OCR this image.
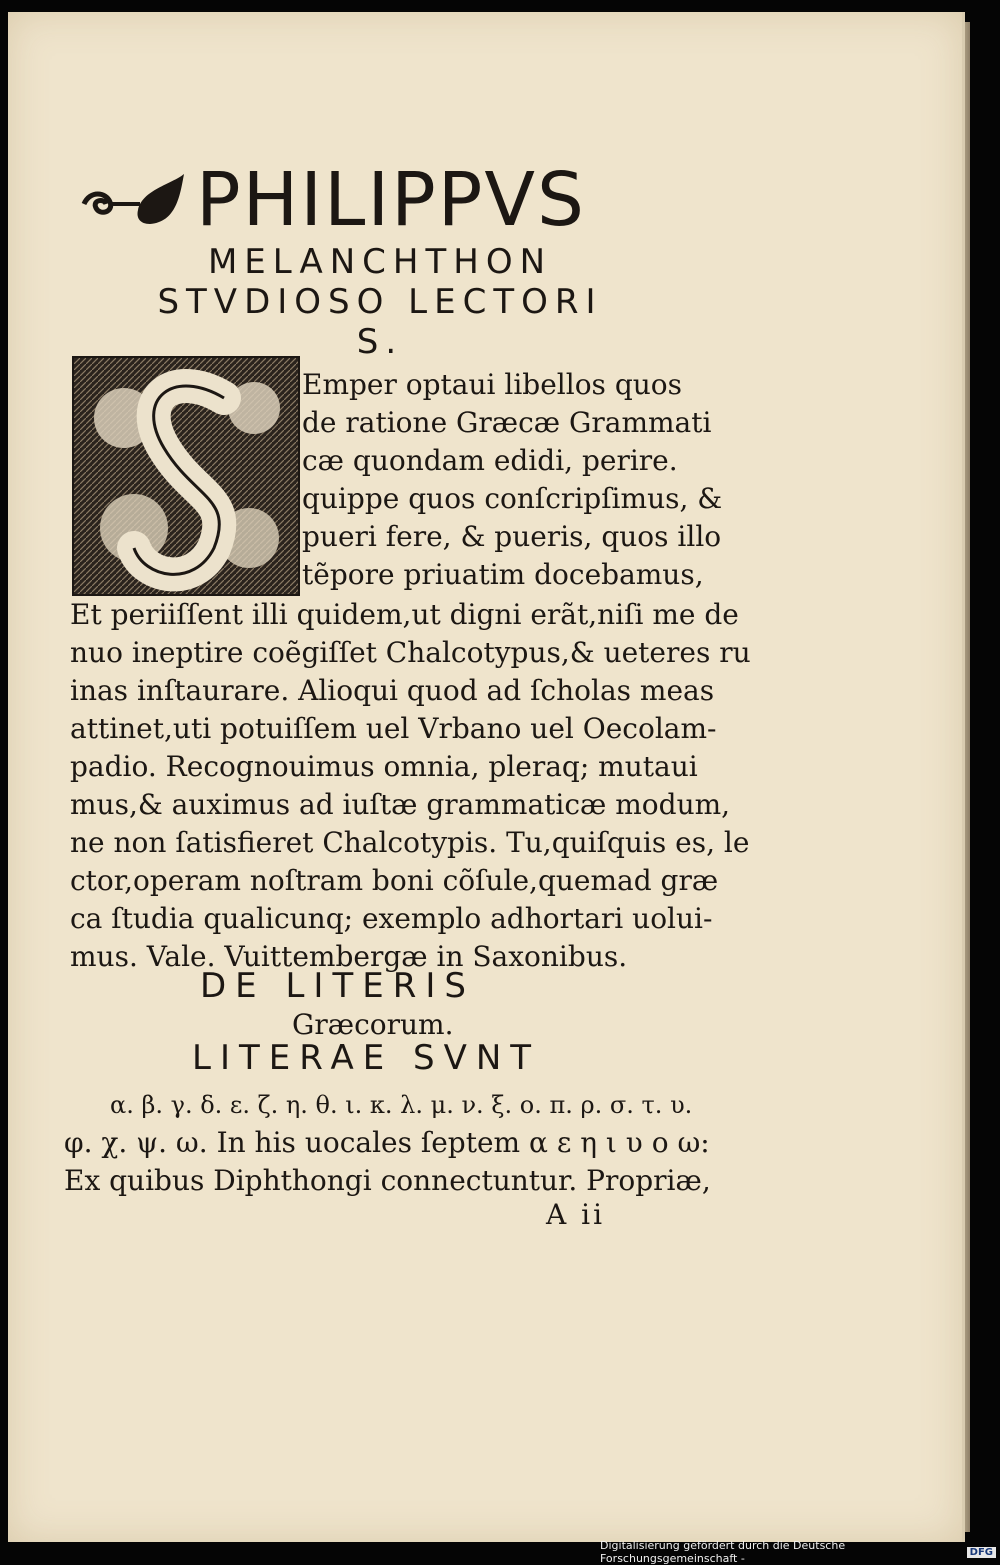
PHILIPPVS
MELANCHTHON
STVDIOSO LECTORI
S.
Emper optaui libellos quos
de ratione Græcæ Grammati
cæ quondam edidi, perire.
quippe quos conſcripſimus, &
pueri fere, & pueris, quos illo
tẽpore priuatim docebamus,
Et periiſſent illi quidem,ut digni erãt,niſi me de
nuo ineptire coẽgiſſet Chalcotypus,& ueteres ru
inas inſtaurare. Alioqui quod ad ſcholas meas
attinet,uti potuiſſem uel Vrbano uel Oecolam-
padio. Recognouimus omnia, pleraq; mutaui
mus,& auximus ad iuſtæ grammaticæ modum,
ne non ſatisfieret Chalcotypis. Tu,quiſquis es, le
ctor,operam noſtram boni cõſule,quemad græ
ca ſtudia qualicunq; exemplo adhortari uolui-
mus. Vale. Vuittembergæ in Saxonibus.
DE LITERIS
Græcorum.
LITERAE SVNT
α. β. γ. δ. ε. ζ. η. θ. ι. κ. λ. μ. ν. ξ. ο. π. ρ. σ. τ. υ.
φ. χ. ψ. ω. In his uocales ſeptem α ε η ι υ ο ω:
Ex quibus Diphthongi connectuntur. Propriæ,
A ii
Digitalisierung gefördert durch die Deutsche Forschungsgemeinschaft -	DFG
